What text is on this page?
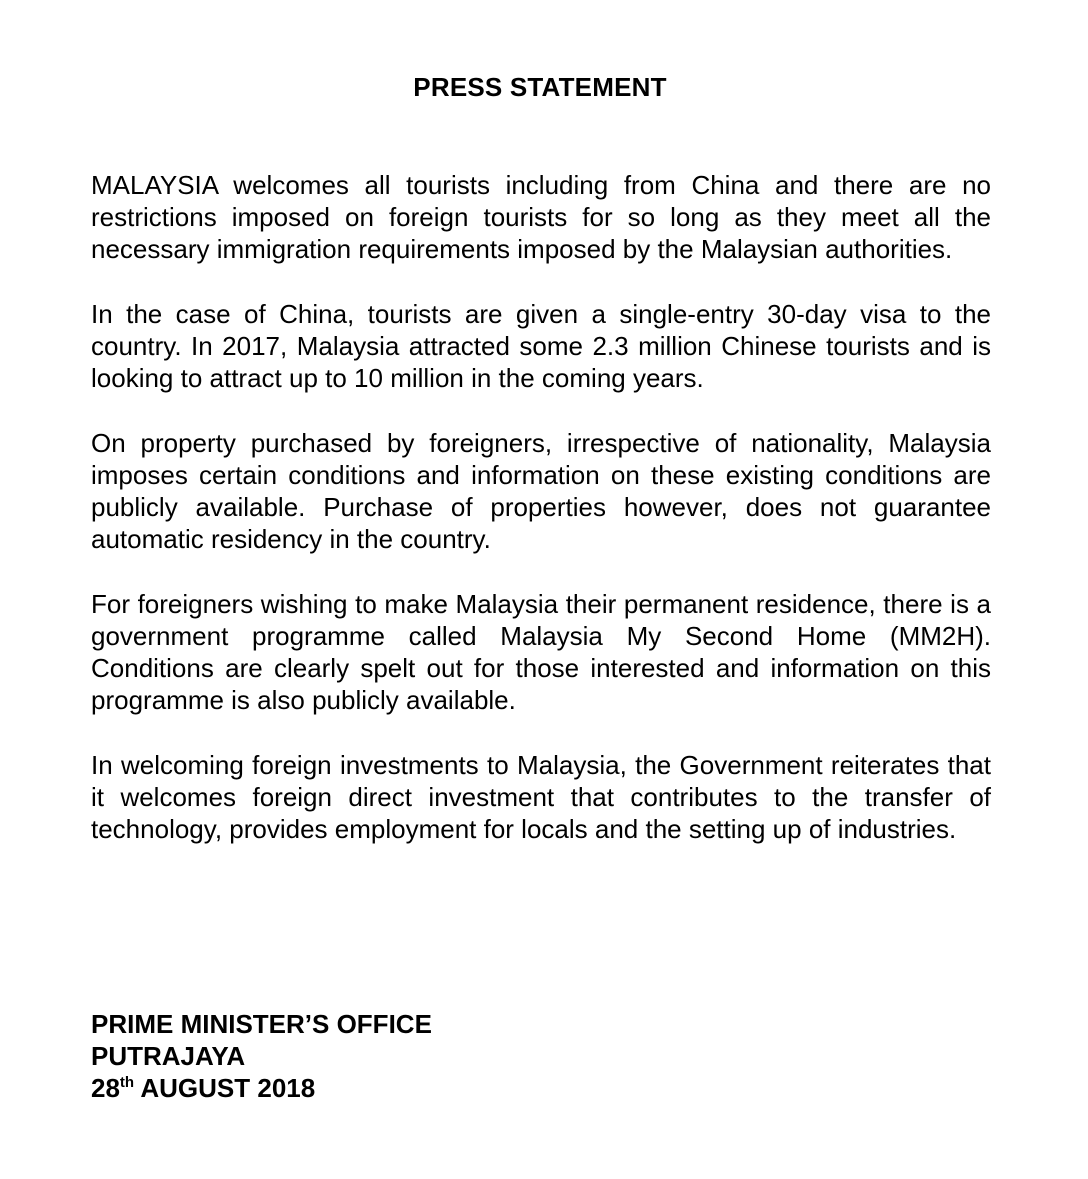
PRESS STATEMENT

MALAYSIA welcomes all tourists including from China and there are no restrictions imposed on foreign tourists for so long as they meet all the necessary immigration requirements imposed by the Malaysian authorities.

In the case of China, tourists are given a single-entry 30-day visa to the country. In 2017, Malaysia attracted some 2.3 million Chinese tourists and is looking to attract up to 10 million in the coming years.

On property purchased by foreigners, irrespective of nationality, Malaysia imposes certain conditions and information on these existing conditions are publicly available. Purchase of properties however, does not guarantee automatic residency in the country.

For foreigners wishing to make Malaysia their permanent residence, there is a government programme called Malaysia My Second Home (MM2H). Conditions are clearly spelt out for those interested and information on this programme is also publicly available.

In welcoming foreign investments to Malaysia, the Government reiterates that it welcomes foreign direct investment that contributes to the transfer of technology, provides employment for locals and the setting up of industries.

PRIME MINISTER’S OFFICE
PUTRAJAYA
28th AUGUST 2018
